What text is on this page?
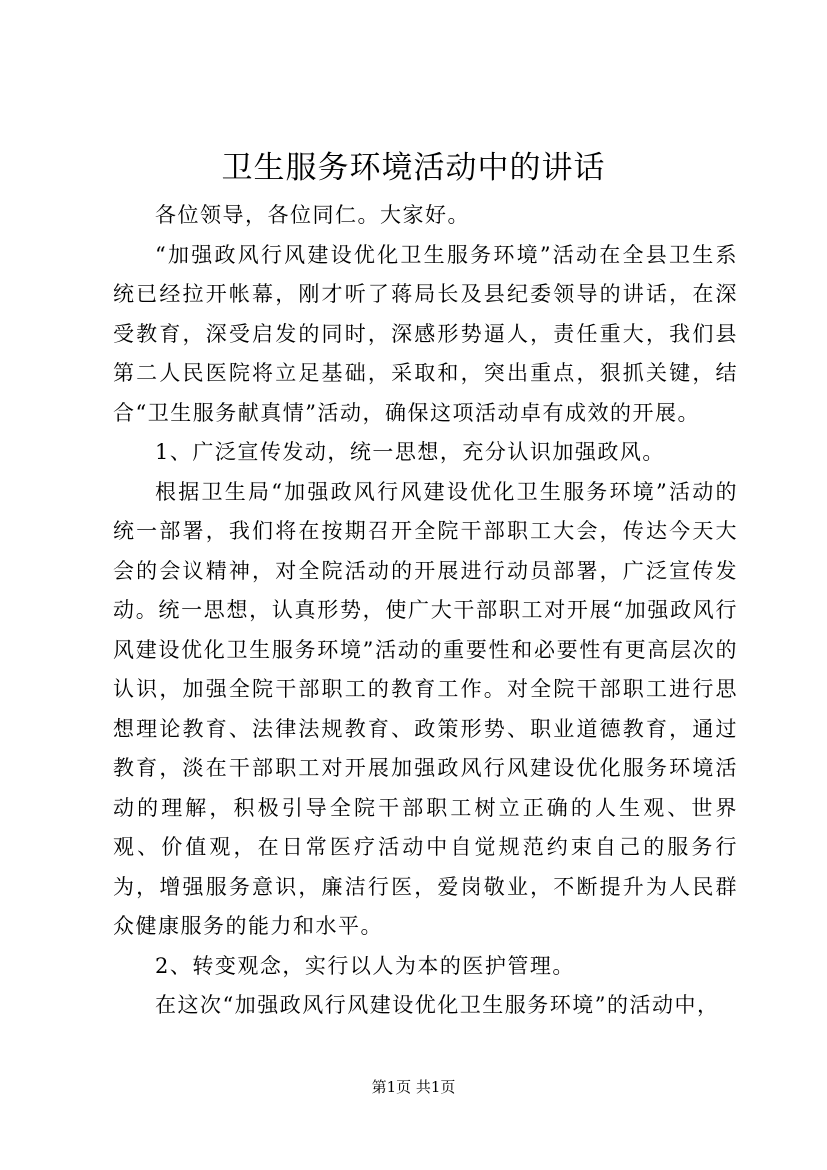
卫生服务环境活动中的讲话

各位领导，各位同仁。大家好。

“加强政风行风建设优化卫生服务环境”活动在全县卫生系统已经拉开帐幕，刚才听了蒋局长及县纪委领导的讲话，在深受教育，深受启发的同时，深感形势逼人，责任重大，我们县第二人民医院将立足基础，采取和，突出重点，狠抓关键，结合“卫生服务献真情”活动，确保这项活动卓有成效的开展。

1、广泛宣传发动，统一思想，充分认识加强政风。

根据卫生局“加强政风行风建设优化卫生服务环境”活动的统一部署，我们将在按期召开全院干部职工大会，传达今天大会的会议精神，对全院活动的开展进行动员部署，广泛宣传发动。统一思想，认真形势，使广大干部职工对开展“加强政风行风建设优化卫生服务环境”活动的重要性和必要性有更高层次的认识，加强全院干部职工的教育工作。对全院干部职工进行思想理论教育、法律法规教育、政策形势、职业道德教育，通过教育，淡在干部职工对开展加强政风行风建设优化服务环境活动的理解，积极引导全院干部职工树立正确的人生观、世界观、价值观，在日常医疗活动中自觉规范约束自己的服务行为，增强服务意识，廉洁行医，爱岗敬业，不断提升为人民群众健康服务的能力和水平。

2、转变观念，实行以人为本的医护管理。

在这次“加强政风行风建设优化卫生服务环境”的活动中，

第1页 共1页
